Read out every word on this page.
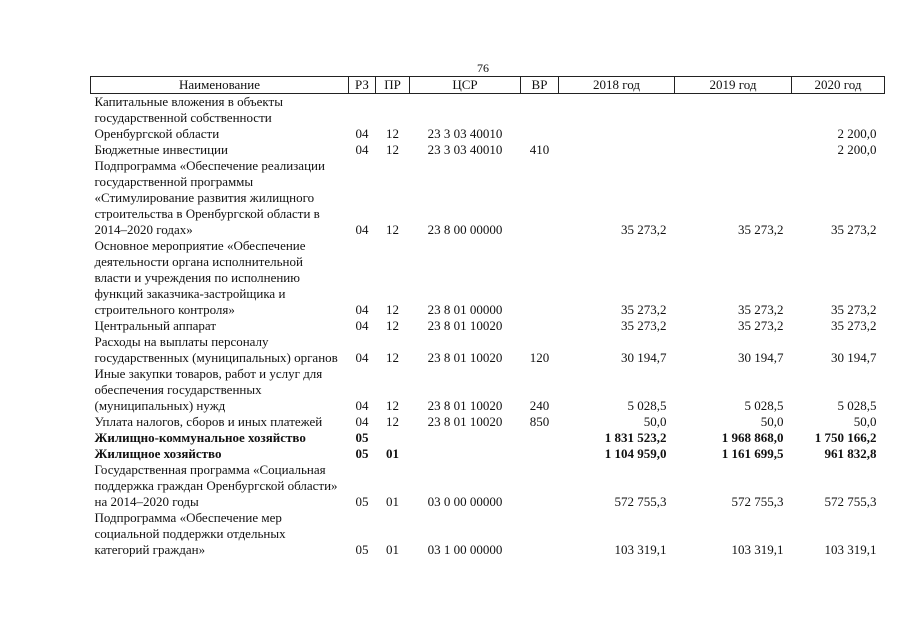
76
Наименование	РЗ	ПР	ЦСР	ВР	2018 год	2019 год	2020 год
Капитальные вложения в объекты государственной собственности Оренбургской области	04	12	23 3 03 40010				2 200,0
Бюджетные инвестиции	04	12	23 3 03 40010	410			2 200,0
Подпрограмма «Обеспечение реализации государственной программы «Стимулирование развития жилищного строительства в Оренбургской области в 2014–2020 годах»	04	12	23 8 00 00000		35 273,2	35 273,2	35 273,2
Основное мероприятие «Обеспечение деятельности органа исполнительной власти и учреждения по исполнению функций заказчика-застройщика и строительного контроля»	04	12	23 8 01 00000		35 273,2	35 273,2	35 273,2
Центральный аппарат	04	12	23 8 01 10020		35 273,2	35 273,2	35 273,2
Расходы на выплаты персоналу государственных (муниципальных) органов	04	12	23 8 01 10020	120	30 194,7	30 194,7	30 194,7
Иные закупки товаров, работ и услуг для обеспечения государственных (муниципальных) нужд	04	12	23 8 01 10020	240	5 028,5	5 028,5	5 028,5
Уплата налогов, сборов и иных платежей	04	12	23 8 01 10020	850	50,0	50,0	50,0
Жилищно-коммунальное хозяйство	05				1 831 523,2	1 968 868,0	1 750 166,2
Жилищное хозяйство	05	01			1 104 959,0	1 161 699,5	961 832,8
Государственная программа «Социальная поддержка граждан Оренбургской области» на 2014–2020 годы	05	01	03 0 00 00000		572 755,3	572 755,3	572 755,3
Подпрограмма «Обеспечение мер социальной поддержки отдельных категорий граждан»	05	01	03 1 00 00000		103 319,1	103 319,1	103 319,1
